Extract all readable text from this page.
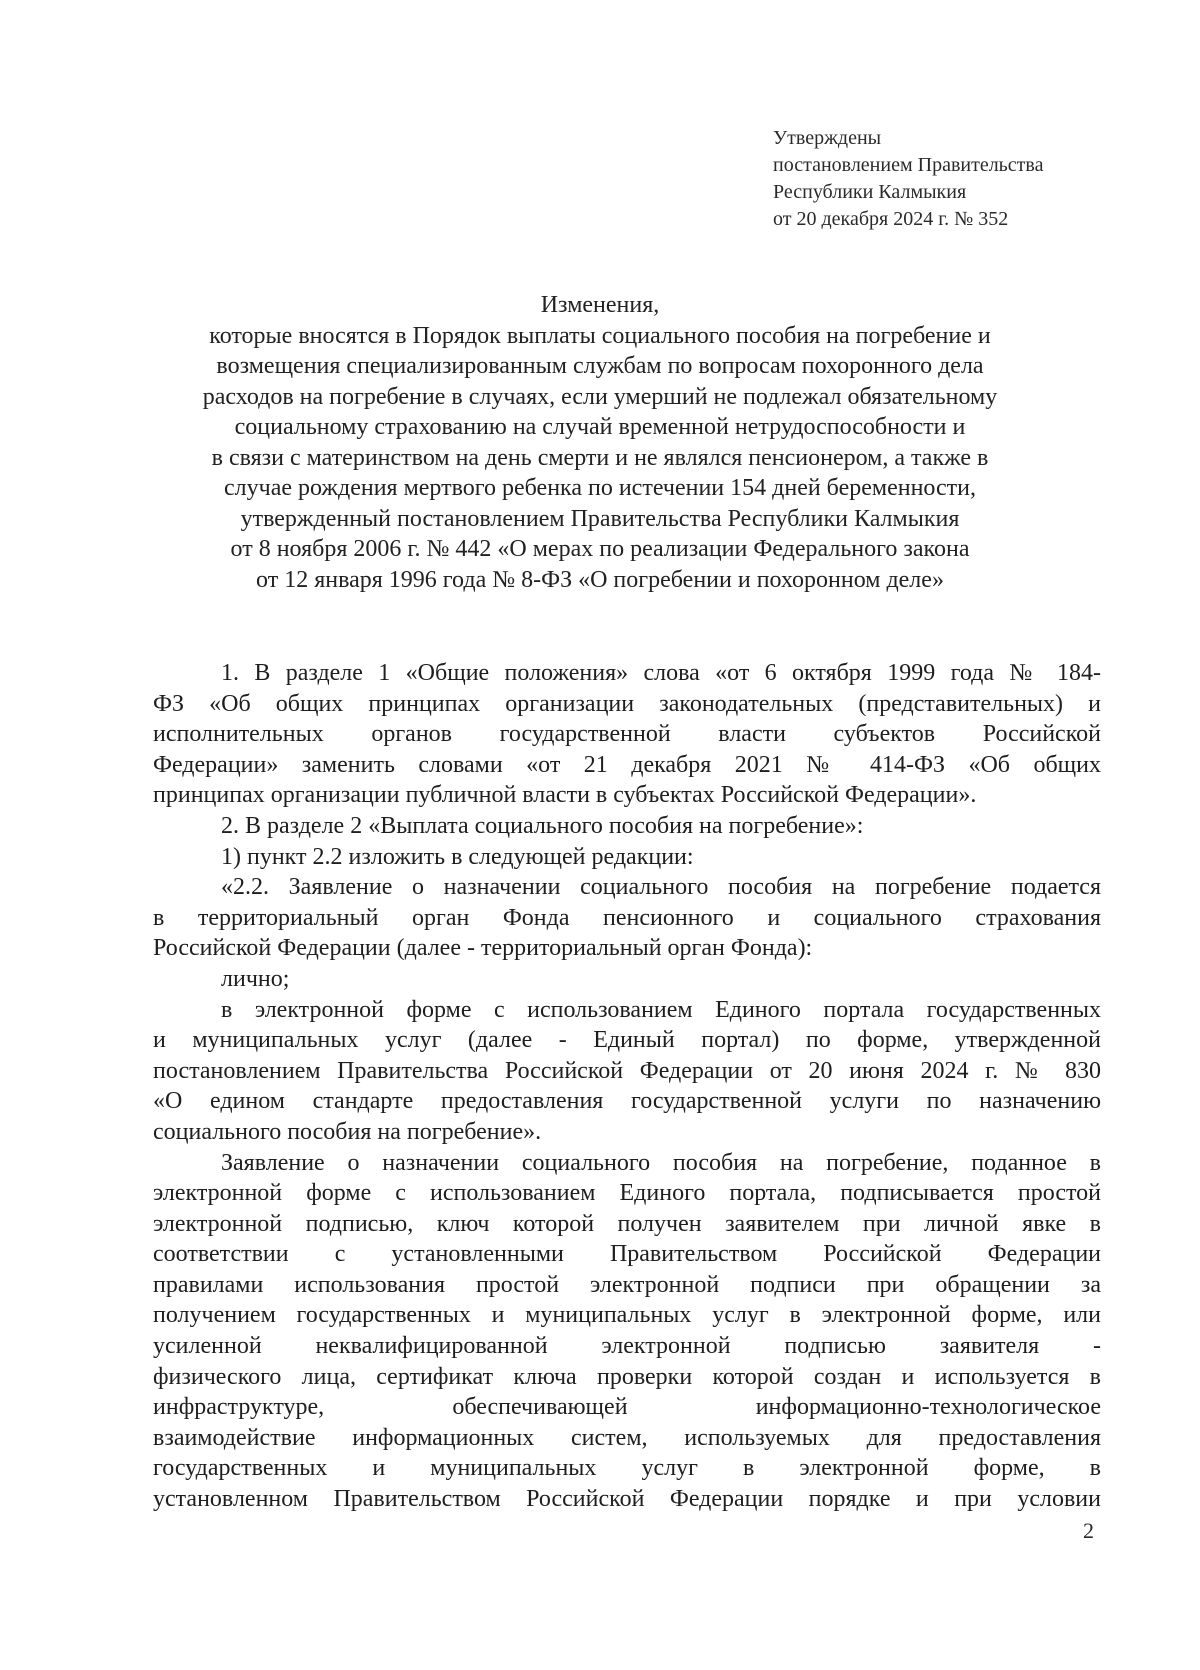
Утверждены
постановлением Правительства
Республики Калмыкия
от 20 декабря 2024 г. № 352
Изменения,
которые вносятся в Порядок выплаты социального пособия на погребение и
возмещения специализированным службам по вопросам похоронного дела
расходов на погребение в случаях, если умерший не подлежал обязательному
социальному страхованию на случай временной нетрудоспособности и
в связи с материнством на день смерти и не являлся пенсионером, а также в
случае рождения мертвого ребенка по истечении 154 дней беременности,
утвержденный постановлением Правительства Республики Калмыкия
от 8 ноября 2006 г. № 442 «О мерах по реализации Федерального закона
от 12 января 1996 года № 8-ФЗ «О погребении и похоронном деле»
1. В разделе 1 «Общие положения» слова «от 6 октября 1999 года № 184-
ФЗ «Об общих принципах организации законодательных (представительных) и
исполнительных органов государственной власти субъектов Российской
Федерации» заменить словами «от 21 декабря 2021 № 414-ФЗ «Об общих
принципах организации публичной власти в субъектах Российской Федерации».
2. В разделе 2 «Выплата социального пособия на погребение»:
1) пункт 2.2 изложить в следующей редакции:
«2.2. Заявление о назначении социального пособия на погребение подается
в территориальный орган Фонда пенсионного и социального страхования
Российской Федерации (далее - территориальный орган Фонда):
лично;
в электронной форме с использованием Единого портала государственных
и муниципальных услуг (далее - Единый портал) по форме, утвержденной
постановлением Правительства Российской Федерации от 20 июня 2024 г. № 830
«О едином стандарте предоставления государственной услуги по назначению
социального пособия на погребение».
Заявление о назначении социального пособия на погребение, поданное в
электронной форме с использованием Единого портала, подписывается простой
электронной подписью, ключ которой получен заявителем при личной явке в
соответствии с установленными Правительством Российской Федерации
правилами использования простой электронной подписи при обращении за
получением государственных и муниципальных услуг в электронной форме, или
усиленной неквалифицированной электронной подписью заявителя -
физического лица, сертификат ключа проверки которой создан и используется в
инфраструктуре, обеспечивающей информационно-технологическое
взаимодействие информационных систем, используемых для предоставления
государственных и муниципальных услуг в электронной форме, в
установленном Правительством Российской Федерации порядке и при условии
2
